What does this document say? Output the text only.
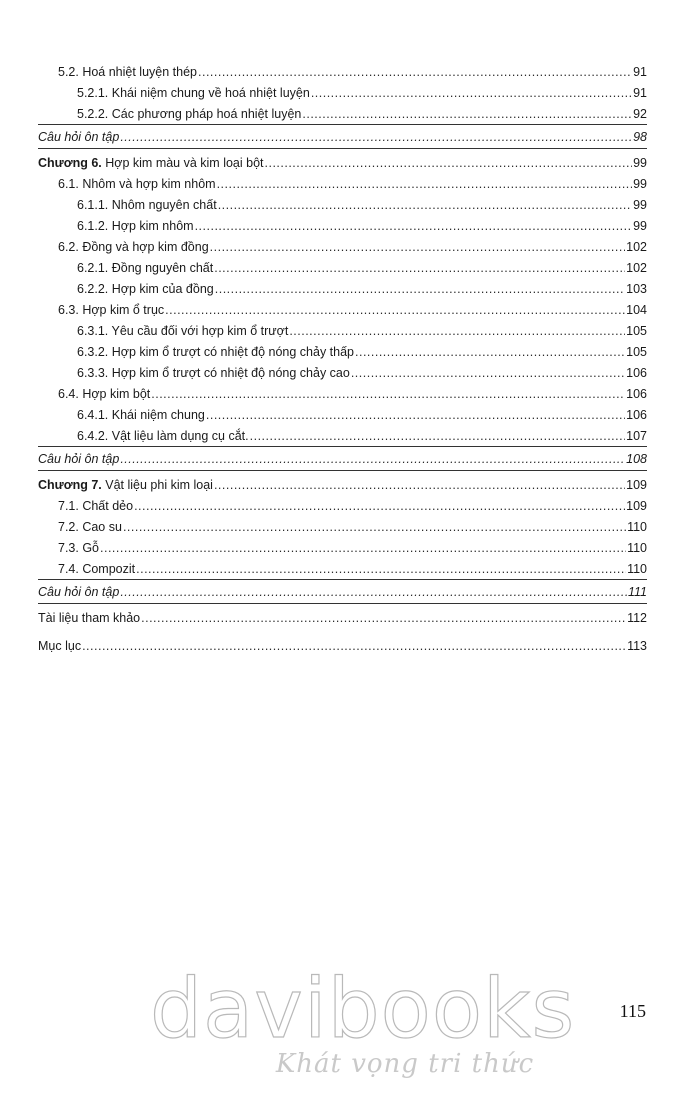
5.2. Hoá nhiệt luyện thép .....	91
5.2.1. Khái niệm chung về hoá nhiệt luyện .....	91
5.2.2. Các phương pháp hoá nhiệt luyện .....	92
Câu hỏi ôn tập .....	98
Chương 6. Hợp kim màu và kim loại bột .....	99
6.1. Nhôm và hợp kim nhôm .....	99
6.1.1. Nhôm nguyên chất .....	99
6.1.2. Hợp kim nhôm .....	99
6.2. Đồng và hợp kim đồng .....	102
6.2.1. Đồng nguyên chất .....	102
6.2.2. Hợp kim của đồng .....	103
6.3. Hợp kim ổ trục .....	104
6.3.1. Yêu cầu đối với hợp kim ổ trượt .....	105
6.3.2. Hợp kim ổ trượt có nhiệt độ nóng chảy thấp .....	105
6.3.3. Hợp kim ổ trượt có nhiệt độ nóng chảy cao .....	106
6.4. Hợp kim bột .....	106
6.4.1. Khái niệm chung .....	106
6.4.2. Vật liệu làm dụng cụ cắt. .....	107
Câu hỏi ôn tập .....	108
Chương 7. Vật liệu phi kim loại .....	109
7.1. Chất dẻo .....	109
7.2. Cao su .....	110
7.3. Gỗ .....	110
7.4. Compozit .....	110
Câu hỏi ôn tập .....	111
Tài liệu tham khảo .....	112
Mục lục .....	113
115
davibooks
Khát vọng tri thức
